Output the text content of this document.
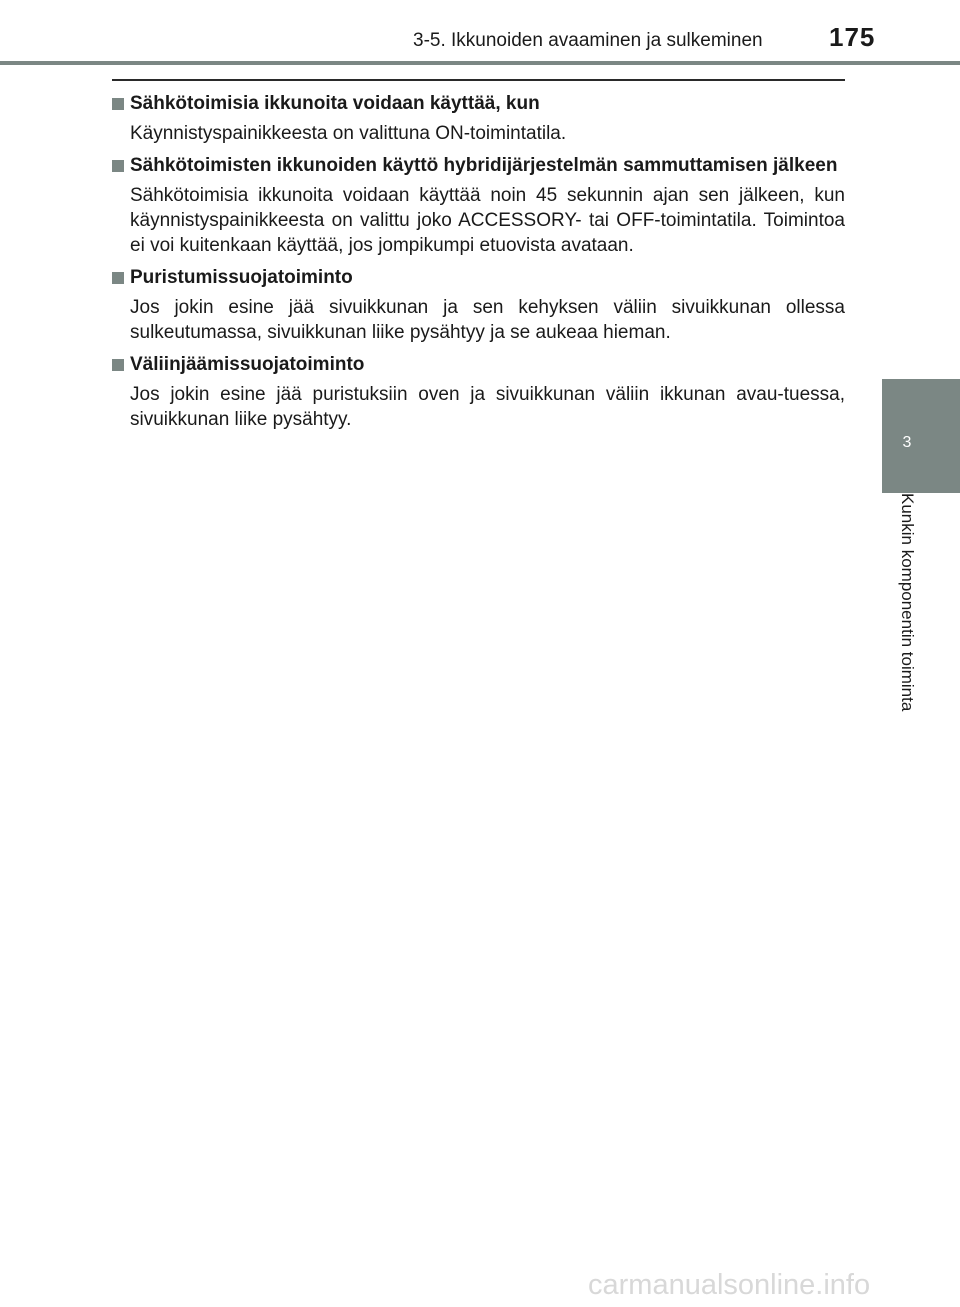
3-5. Ikkunoiden avaaminen ja sulkeminen	175
Sähkötoimisia ikkunoita voidaan käyttää, kun

Käynnistyspainikkeesta on valittuna ON-toimintatila.

Sähkötoimisten ikkunoiden käyttö hybridijärjestelmän sammuttamisen jälkeen

Sähkötoimisia ikkunoita voidaan käyttää noin 45 sekunnin ajan sen jälkeen, kun käynnistyspainikkeesta on valittu joko ACCESSORY- tai OFF-toimintatila. Toimintoa ei voi kuitenkaan käyttää, jos jompikumpi etuovista avataan.

Puristumissuojatoiminto

Jos jokin esine jää sivuikkunan ja sen kehyksen väliin sivuikkunan ollessa sulkeutumassa, sivuikkunan liike pysähtyy ja se aukeaa hieman.

Väliinjäämissuojatoiminto

Jos jokin esine jää puristuksiin oven ja sivuikkunan väliin ikkunan avau-tuessa, sivuikkunan liike pysähtyy.

3
Kunkin komponentin toiminta
carmanualsonline.info
